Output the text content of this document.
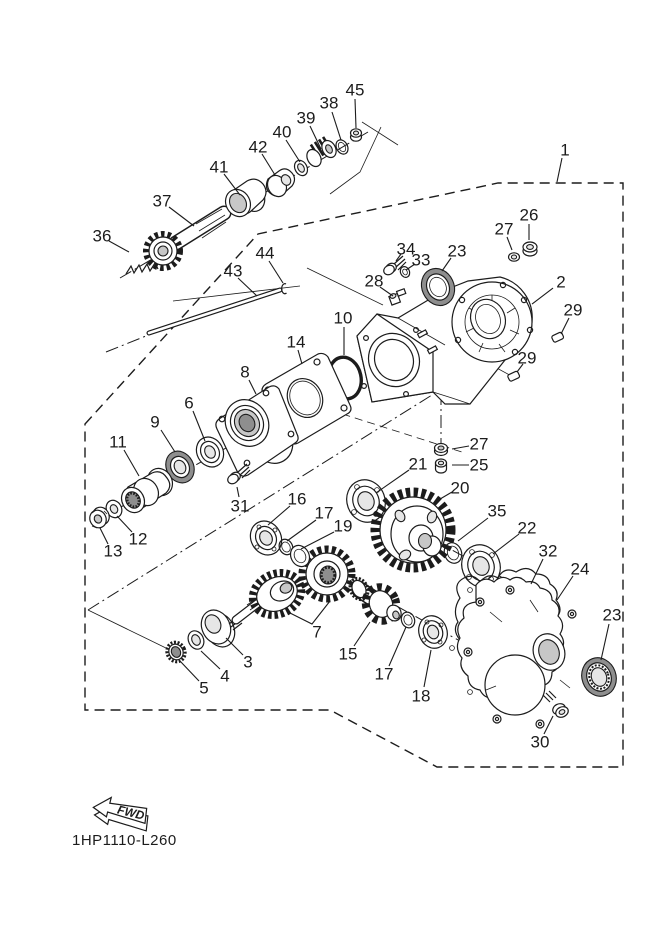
FWD
1
2
3
4
5
6
7
8
9
10
11
12
13
14
15
16
17
17
18
19
20
21
22
23
23
24
25
26
27
27
28
29
29
30
31
32
33
34
35
36
37
38
39
40
41
42
43
44
45
1HP1110-L260
